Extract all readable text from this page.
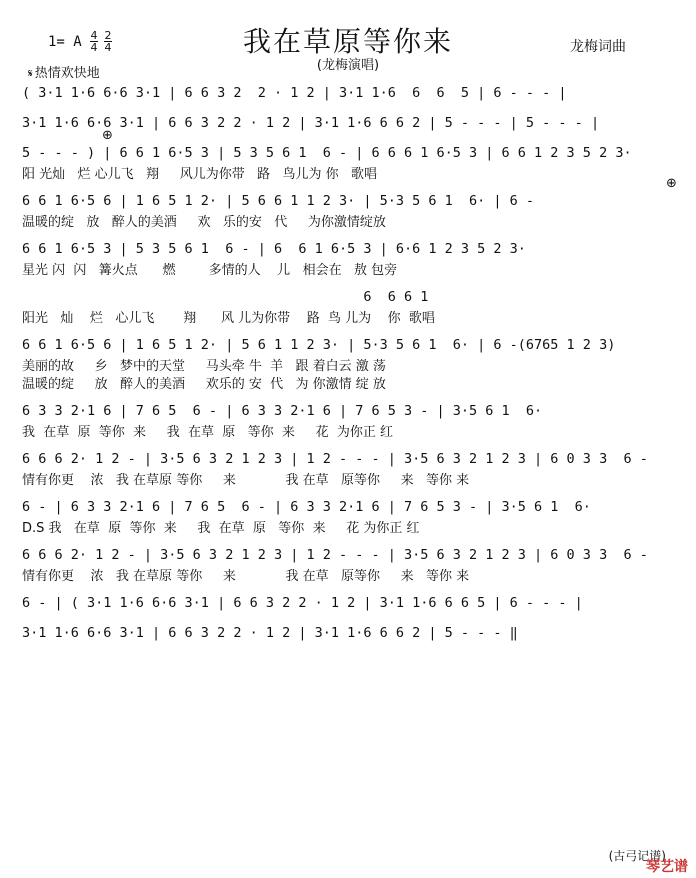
1= A $\frac{4}{4} \frac{2}{4}$	我在草原等你来
(龙梅演唱)
龙梅词曲
𝄋 热情欢快地
( 3·1 1·6 6·6 3·1 | 6 6 3 2  2 · 1 2 | 3·1 1·6  6  6  5 | 6 - - - |
3·1 1·6 6·6 3·1 | 6 6 3 2 2 · 1 2 | 3·1 1·6 6 6 2 | 5 - - - | 5 - - - |
⊕
5 - - - ) | 6 6 1 6·5 3 | 5 3 5 6 1  6 - | 6 6 6 1 6·5 3 | 6 6 1 2 3 5 2 3·
阳 光灿   烂 心儿飞   翔     风儿为你带   路   鸟儿为 你   歌唱
⊕
6 6 1 6·5 6 | 1 6 5 1 2· | 5 6 6 1 1 2 3· | 5·3 5 6 1  6· | 6 -
温暖的绽   放   醉人的美酒     欢   乐的安   代     为你激情绽放
6 6 1 6·5 3 | 5 3 5 6 1  6 - | 6  6 1 6·5 3 | 6·6 1 2 3 5 2 3·
星光 闪  闪   篝火点      燃        多情的人    儿   相会在   敖 包旁
6  6 6 1
阳光   灿    烂   心儿飞       翔      风 儿为你带    路  鸟 儿为    你  歌唱
6 6 1 6·5 6 | 1 6 5 1 2· | 5 6 1 1 2 3· | 5·3 5 6 1  6· | 6 -(6765 1 2 3)
美丽的故     乡   梦中的天堂     马头牵 牛  羊   跟 着白云 激 荡
温暖的绽     放   醉人的美酒     欢乐的 安  代   为 你激情 绽 放
6 3 3 2·1 6 | 7 6 5  6 - | 6 3 3 2·1 6 | 7 6 5 3 - | 3·5 6 1  6·
我  在草  原  等你  来     我  在草  原   等你  来     花  为你正 红
6 6 6 2· 1 2 - | 3·5 6 3 2 1 2 3 | 1 2 - - - | 3·5 6 3 2 1 2 3 | 6 0 3 3  6 -
情有你更    浓   我 在草原 等你     来            我 在草   原等你     来   等你 来
6 - | 6 3 3 2·1 6 | 7 6 5  6 - | 6 3 3 2·1 6 | 7 6 5 3 - | 3·5 6 1  6·
D.S 我   在草  原  等你  来     我  在草  原   等你  来     花 为你正 红
6 6 6 2· 1 2 - | 3·5 6 3 2 1 2 3 | 1 2 - - - | 3·5 6 3 2 1 2 3 | 6 0 3 3  6 -
情有你更    浓   我 在草原 等你     来            我 在草   原等你     来   等你 来
6 - | ( 3·1 1·6 6·6 3·1 | 6 6 3 2 2 · 1 2 | 3·1 1·6 6 6 5 | 6 - - - |
3·1 1·6 6·6 3·1 | 6 6 3 2 2 · 1 2 | 3·1 1·6 6 6 2 | 5 - - - ‖
(古弓记谱)
琴艺谱
